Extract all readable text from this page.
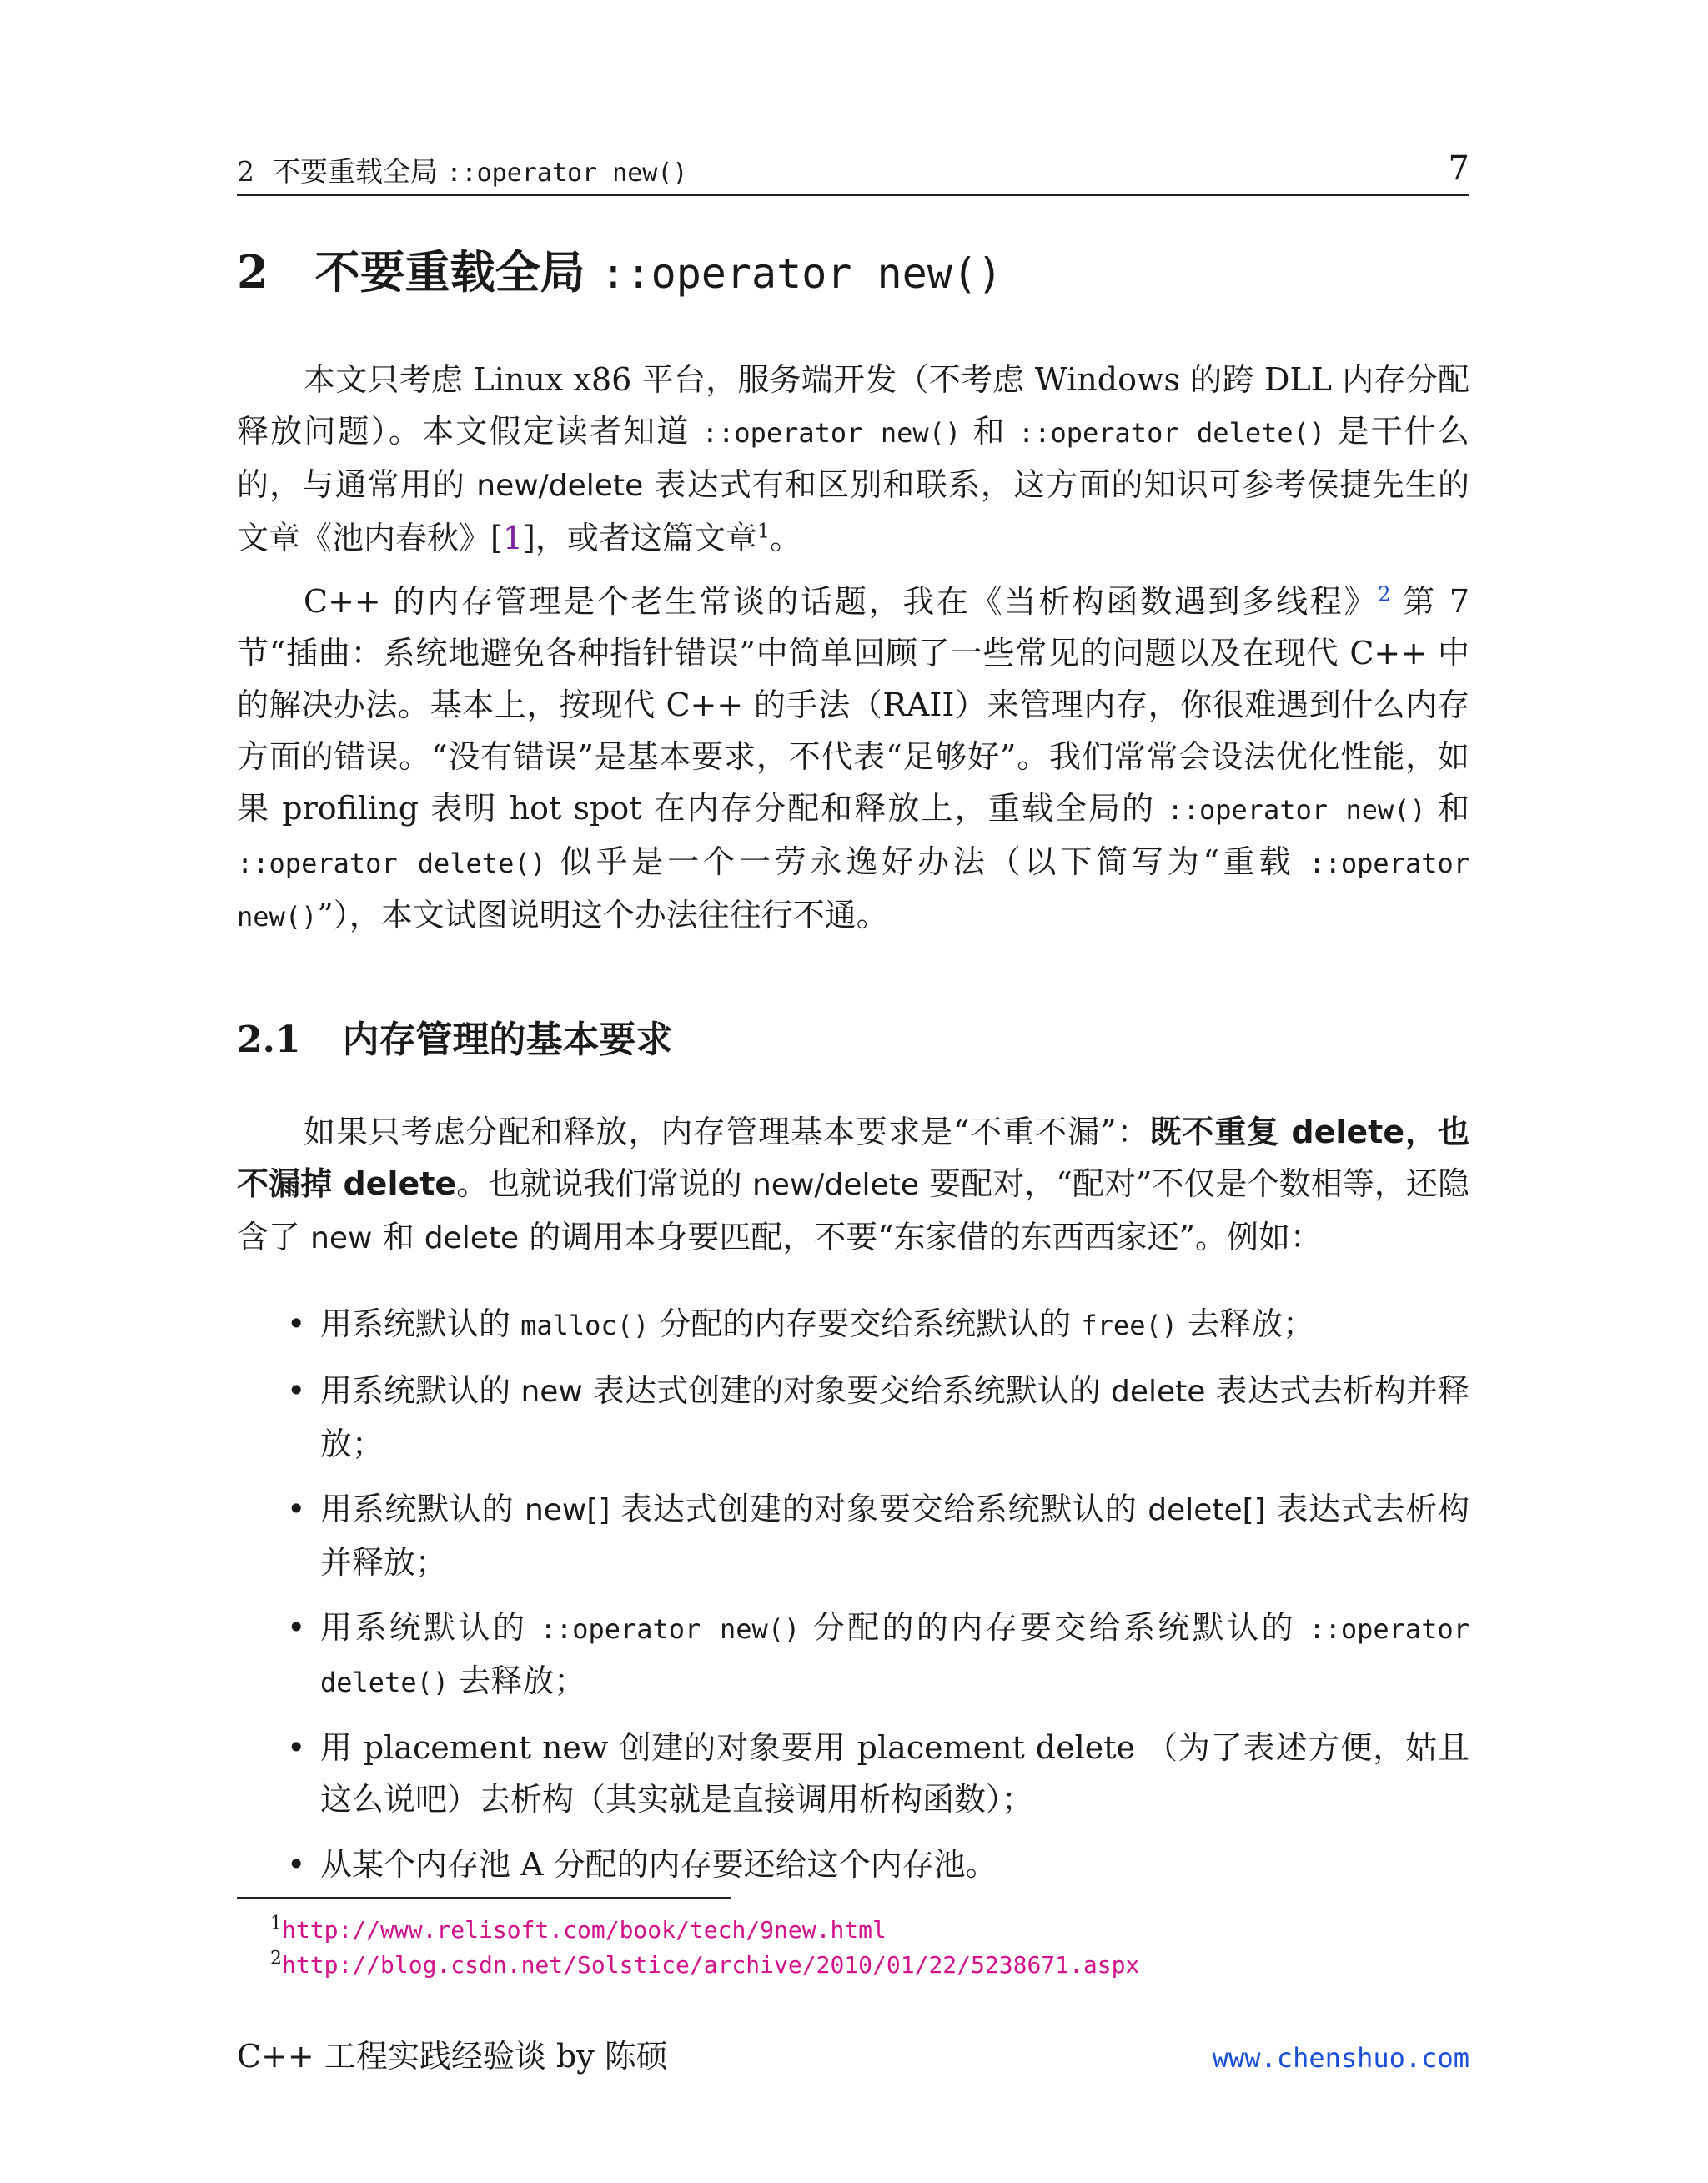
2 不要重载全局 ::operator new()	7
2 不要重载全局 ::operator new()

本文只考虑 Linux x86 平台，服务端开发（不考虑 Windows 的跨 DLL 内存分配释放问题）。本文假定读者知道 ::operator new() 和 ::operator delete() 是干什么的，与通常用的 new/delete 表达式有和区别和联系，这方面的知识可参考侯捷先生的文章《池内春秋》[1]，或者这篇文章$^1$。

C++ 的内存管理是个老生常谈的话题，我在《当析构函数遇到多线程》$^2$ 第 7 节“插曲：系统地避免各种指针错误”中简单回顾了一些常见的问题以及在现代 C++ 中的解决办法。基本上，按现代 C++ 的手法（RAII）来管理内存，你很难遇到什么内存方面的错误。“没有错误”是基本要求，不代表“足够好”。我们常常会设法优化性能，如果 profiling 表明 hot spot 在内存分配和释放上，重载全局的 ::operator new() 和 ::operator delete() 似乎是一个一劳永逸好办法（以下简写为“重载 ::operator new()”），本文试图说明这个办法往往行不通。

2.1 内存管理的基本要求

如果只考虑分配和释放，内存管理基本要求是“不重不漏”：既不重复 delete，也不漏掉 delete。也就说我们常说的 new/delete 要配对，“配对”不仅是个数相等，还隐含了 new 和 delete 的调用本身要匹配，不要“东家借的东西西家还”。例如：

• 用系统默认的 malloc() 分配的内存要交给系统默认的 free() 去释放；
• 用系统默认的 new 表达式创建的对象要交给系统默认的 delete 表达式去析构并释放；
• 用系统默认的 new[] 表达式创建的对象要交给系统默认的 delete[] 表达式去析构并释放；
• 用系统默认的 ::operator new() 分配的的内存要交给系统默认的 ::operator delete() 去释放；
• 用 placement new 创建的对象要用 placement delete （为了表述方便，姑且这么说吧）去析构（其实就是直接调用析构函数）；
• 从某个内存池 A 分配的内存要还给这个内存池。
$^1$http://www.relisoft.com/book/tech/9new.html
$^2$http://blog.csdn.net/Solstice/archive/2010/01/22/5238671.aspx
C++ 工程实践经验谈 by 陈硕	www.chenshuo.com
